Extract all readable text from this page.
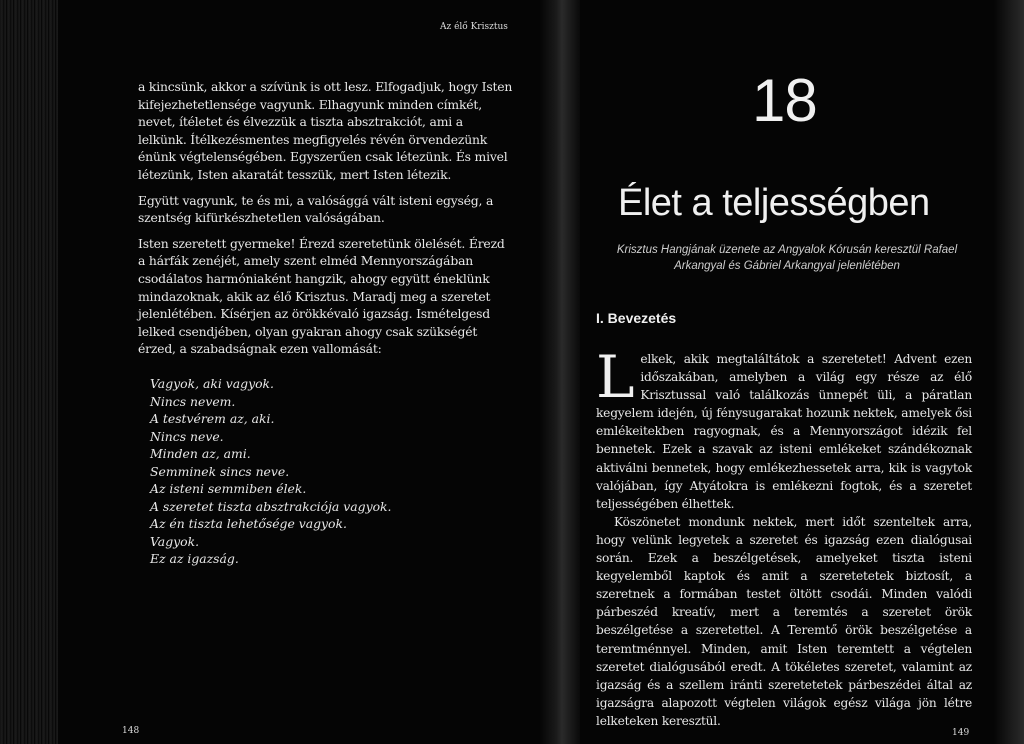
Az élő Krisztus

a kincsünk, akkor a szívünk is ott lesz. Elfogadjuk, hogy Isten kifejezhetetlensége vagyunk. Elhagyunk minden címkét, nevet, ítéletet és élvezzük a tiszta absztrakciót, ami a lelkünk. Ítélkezésmentes megfigyelés révén örvendezünk énünk végtelenségében. Egyszerűen csak létezünk. És mivel létezünk, Isten akaratát tesszük, mert Isten létezik.

Együtt vagyunk, te és mi, a valósággá vált isteni egység, a szentség kifürkészhetetlen valóságában.

Isten szeretett gyermeke! Érezd szeretetünk ölelését. Érezd a hárfák zenéjét, amely szent elméd Mennyországában csodálatos harmóniaként hangzik, ahogy együtt éneklünk mindazoknak, akik az élő Krisztus. Maradj meg a szeretet jelenlétében. Kísérjen az örökkévaló igazság. Ismételgesd lelked csendjében, olyan gyakran ahogy csak szükségét érzed, a szabadságnak ezen vallomását:

Vagyok, aki vagyok.
Nincs nevem.
A testvérem az, aki.
Nincs neve.
Minden az, ami.
Semminek sincs neve.
Az isteni semmiben élek.
A szeretet tiszta absztrakciója vagyok.
Az én tiszta lehetősége vagyok.
Vagyok.
Ez az igazság.
148
18
Élet a teljességben
Krisztus Hangjának üzenete az Angyalok Kórusán keresztül Rafael Arkangyal és Gábriel Arkangyal jelenlétében
I. Bevezetés

Lelkek, akik megtaláltátok a szeretetet! Advent ezen időszakában, amelyben a világ egy része az élő Krisztussal való találkozás ünnepét üli, a páratlan kegyelem idején, új fénysugarakat hozunk nektek, amelyek ősi emlékeitekben ragyognak, és a Mennyországot idézik fel bennetek. Ezek a szavak az isteni emlékeket szándékoznak aktiválni bennetek, hogy emlékezhessetek arra, kik is vagytok valójában, így Atyátokra is emlékezni fogtok, és a szeretet teljességében élhettek.

Köszönetet mondunk nektek, mert időt szenteltek arra, hogy velünk legyetek a szeretet és igazság ezen dialógusai során. Ezek a beszélgetések, amelyeket tiszta isteni kegyelemből kaptok és amit a szeretetetek biztosít, a szeretnek a formában testet öltött csodái. Minden valódi párbeszéd kreatív, mert a teremtés a szeretet örök beszélgetése a szeretettel. A Teremtő örök beszélgetése a teremtménnyel. Minden, amit Isten teremtett a végtelen szeretet dialógusából eredt. A tökéletes szeretet, valamint az igazság és a szellem iránti szeretetetek párbeszédei által az igazságra alapozott végtelen világok egész világa jön létre lelketeken keresztül.

149
